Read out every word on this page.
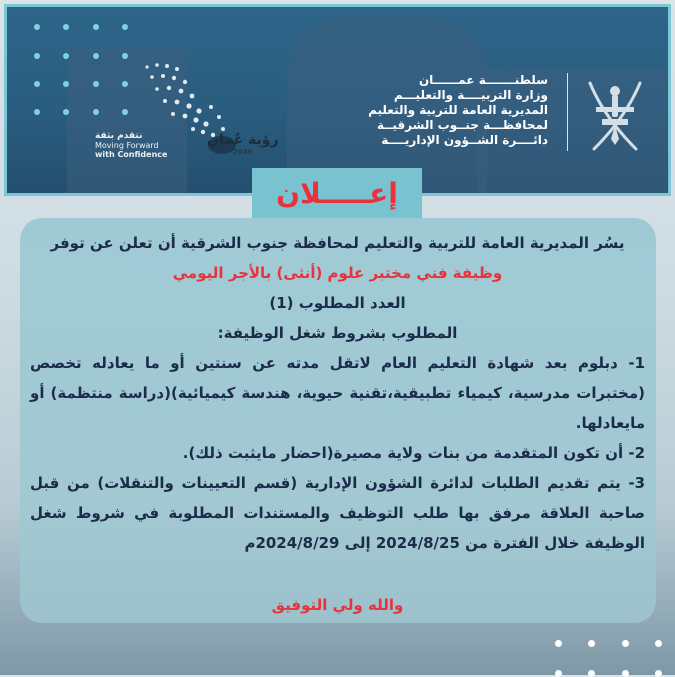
نتقدم بثقة
Moving Forward
with Confidence
رؤية عُمان
2040
سلطنـــــــة عمــــــان
وزارة التربيــــة والتعليـــم
المديرية العامة للتربية والتعليم
لمحافظـــة جنــوب الشرقيــة
دائــــرة الشــؤون الإداريــــة
إعـــــلان
يسُر المديرية العامة للتربية والتعليم لمحافظة جنوب الشرقية أن تعلن عن توفر
وظيفة فني مختبر علوم (أنثى) بالأجر اليومي
العدد المطلوب (1)
المطلوب بشروط شغل الوظيفة:
1- دبلوم بعد شهادة التعليم العام لاتقل مدته عن سنتين أو ما يعادله تخصص (مختبرات مدرسية، كيمياء تطبيقية،تقنية حيوية، هندسة كيميائية)(دراسة منتظمة) أو مايعادلها.
2- أن تكون المتقدمة من بنات ولاية مصيرة(احضار مايثبت ذلك).
3- يتم تقديم الطلبات لدائرة الشؤون الإدارية (قسم التعيينات والتنقلات) من قبل صاحبة العلاقة مرفق بها طلب التوظيف والمستندات المطلوبة في شروط شغل الوظيفة خلال الفترة من 2024/8/25 إلى 2024/8/29م
والله ولي التوفيق
